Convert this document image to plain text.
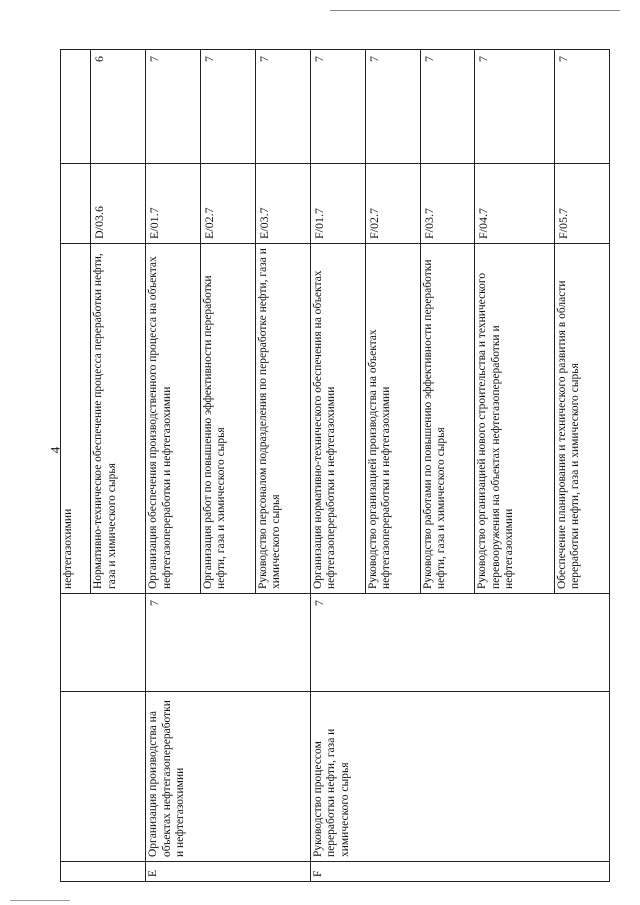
4
			нефтегазохимии		
			Нормативно-техническое обеспечение процесса переработки нефти, газа и химического сырья	D/03.6	6
E	Организация производства на объектах нефтегазопереработки и нефтегазохимии	7	Организация обеспечения производственного процесса на объектах нефтегазопереработки и нефтегазохимии	E/01.7	7
			Организация работ по повышению эффективности переработки нефти, газа и химического сырья	E/02.7	7
			Руководство персоналом подразделения по переработке нефти, газа и химического сырья	E/03.7	7
F	Руководство процессом переработки нефти, газа и химического сырья	7	Организация нормативно-технического обеспечения на объектах нефтегазопереработки и нефтегазохимии	F/01.7	7
			Руководство организацией производства на объектах нефтегазопереработки и нефтегазохимии	F/02.7	7
			Руководство работами по повышению эффективности переработки нефти, газа и химического сырья	F/03.7	7
			Руководство организацией нового строительства и технического перевооружения на объектах нефтегазопереработки и нефтегазохимии	F/04.7	7
			Обеспечение планирования и технического развития в области переработки нефти, газа и химического сырья	F/05.7	7
